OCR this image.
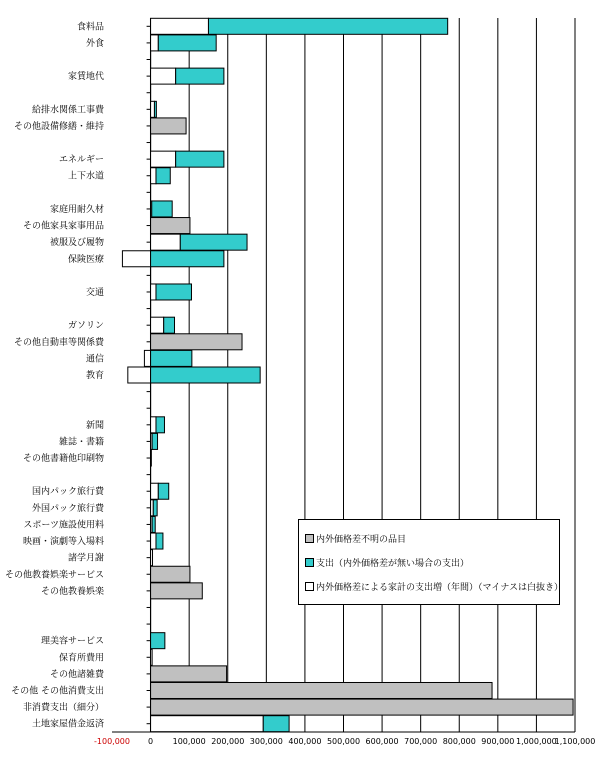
食料品
外食
家賃地代
給排水関係工事費
その他設備修繕・維持
エネルギー
上下水道
家庭用耐久材
その他家具家事用品
被服及び履物
保険医療
交通
ガソリン
その他自動車等関係費
通信
教育
新聞
雑誌・書籍
その他書籍他印刷物
国内パック旅行費
外国パック旅行費
スポーツ施設使用料
映画・演劇等入場料
諸学月謝
その他教養娯楽サービス
その他教養娯楽
理美容サービス
保育所費用
その他諸雑費
その他 その他消費支出
非消費支出（細分）
土地家屋借金返済
-100,000 0 100,000 200,000 300,000 400,000 500,000 600,000 700,000 800,000 900,000 1,000,000
1,100,000
内外価格差不明の品目
支出（内外価格差が無い場合の支出）
内外価格差による家計の支出増（年間）（マイナスは白抜き）
